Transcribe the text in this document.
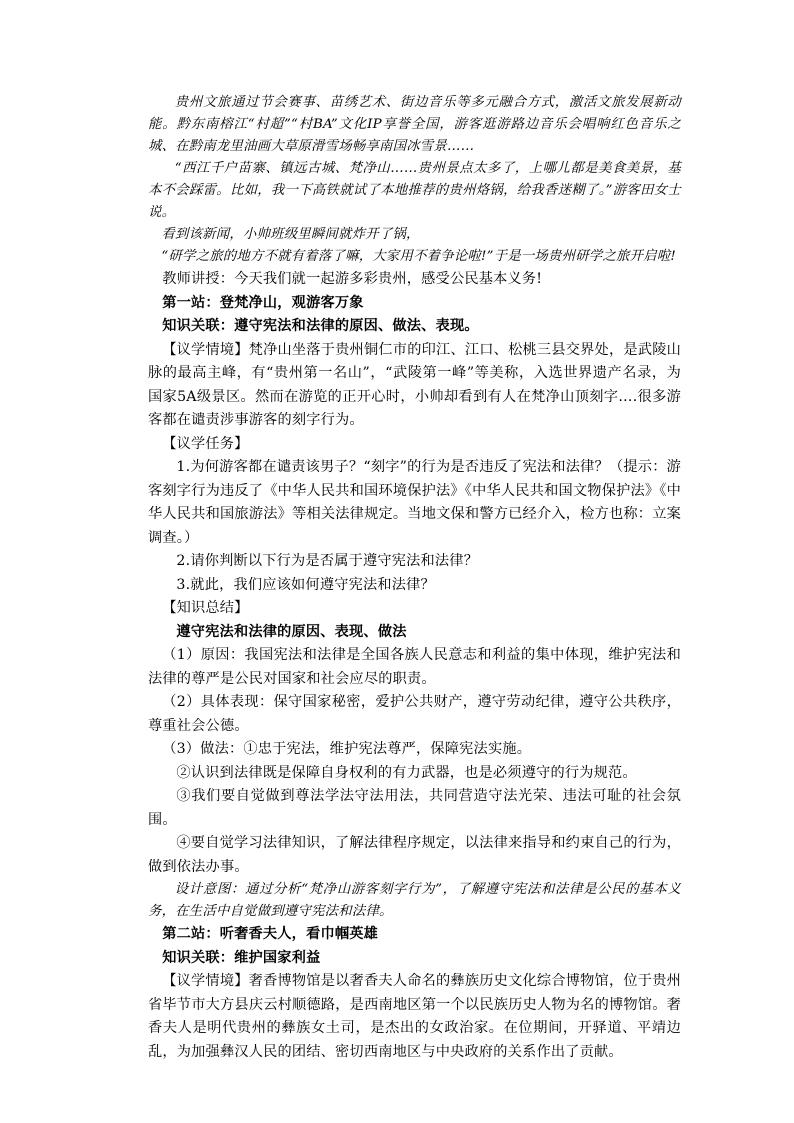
贵州文旅通过节会赛事、苗绣艺术、街边音乐等多元融合方式，激活文旅发展新动能。黔东南榕江“村超”“村BA”文化IP享誉全国，游客逛游路边音乐会唱响红色音乐之城、在黔南龙里油画大草原滑雪场畅享南国冰雪景……

“西江千户苗寨、镇远古城、梵净山……贵州景点太多了，上哪儿都是美食美景，基本不会踩雷。比如，我一下高铁就试了本地推荐的贵州烙锅，给我香迷糊了。”游客田女士说。

看到该新闻，小帅班级里瞬间就炸开了锅，

“研学之旅的地方不就有着落了嘛，大家用不着争论啦!”于是一场贵州研学之旅开启啦!

教师讲授：今天我们就一起游多彩贵州，感受公民基本义务!

第一站：登梵净山，观游客万象

知识关联：遵守宪法和法律的原因、做法、表现。

【议学情境】梵净山坐落于贵州铜仁市的印江、江口、松桃三县交界处，是武陵山脉的最高主峰，有“贵州第一名山”，“武陵第一峰”等美称，入选世界遗产名录，为国家5A级景区。然而在游览的正开心时，小帅却看到有人在梵净山顶刻字….很多游客都在谴责涉事游客的刻字行为。

【议学任务】

1.为何游客都在谴责该男子？“刻字”的行为是否违反了宪法和法律？（提示：游客刻字行为违反了《中华人民共和国环境保护法》《中华人民共和国文物保护法》《中华人民共和国旅游法》等相关法律规定。当地文保和警方已经介入，检方也称：立案调查。）

2.请你判断以下行为是否属于遵守宪法和法律？

3.就此，我们应该如何遵守宪法和法律？

【知识总结】

遵守宪法和法律的原因、表现、做法

（1）原因：我国宪法和法律是全国各族人民意志和利益的集中体现，维护宪法和法律的尊严是公民对国家和社会应尽的职责。

（2）具体表现：保守国家秘密，爱护公共财产，遵守劳动纪律，遵守公共秩序，尊重社会公德。

（3）做法：①忠于宪法，维护宪法尊严，保障宪法实施。

②认识到法律既是保障自身权利的有力武器，也是必须遵守的行为规范。

③我们要自觉做到尊法学法守法用法，共同营造守法光荣、违法可耻的社会氛围。

④要自觉学习法律知识，了解法律程序规定，以法律来指导和约束自己的行为，做到依法办事。

设计意图：通过分析“梵净山游客刻字行为”，了解遵守宪法和法律是公民的基本义务，在生活中自觉做到遵守宪法和法律。

第二站：听奢香夫人，看巾帼英雄

知识关联：维护国家利益

【议学情境】奢香博物馆是以奢香夫人命名的彝族历史文化综合博物馆，位于贵州省毕节市大方县庆云村顺德路，是西南地区第一个以民族历史人物为名的博物馆。奢香夫人是明代贵州的彝族女土司，是杰出的女政治家。在位期间，开驿道、平靖边乱，为加强彝汉人民的团结、密切西南地区与中央政府的关系作出了贡献。
